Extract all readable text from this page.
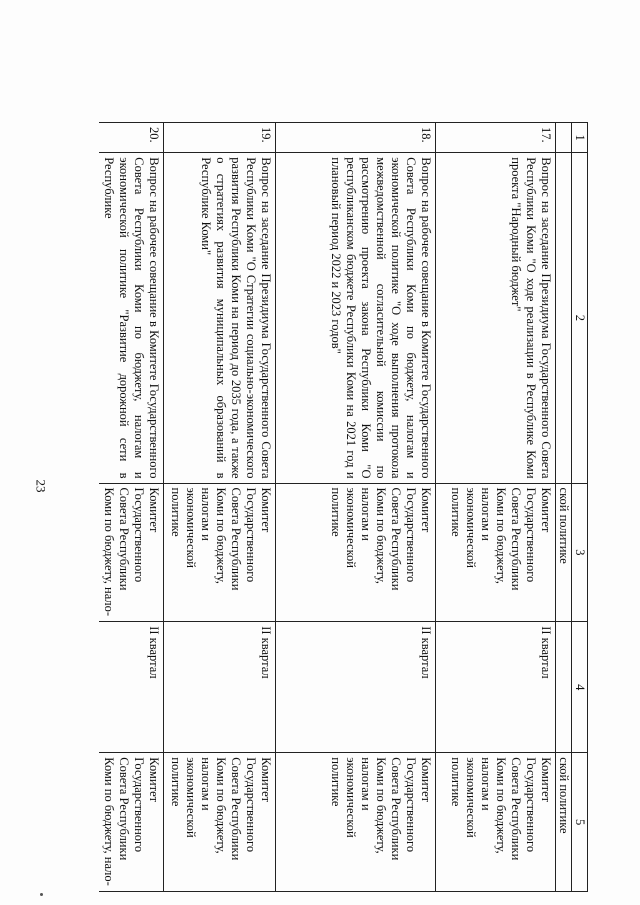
23
1	2	3	4	5
		ской политике		ской политике
17.	Вопрос на заседание Президиума Государственного Совета Республики Коми "О ходе реализации в Республике Коми проекта "Народный бюджет"	Комитет Государственного Совета Республики Коми по бюджету, налогам и экономической политике	II квартал	Комитет Государственного Совета Республики Коми по бюджету, налогам и экономической политике
18.	Вопрос на рабочее совещание в Комитете Государственного Совета Республики Коми по бюджету, налогам и экономической политике "О ходе выполнения протокола межведомственной согласительной комиссии по рассмотрению проекта закона Республики Коми "О республиканском бюджете Республики Коми на 2021 год и плановый период 2022 и 2023 годов"	Комитет Государственного Совета Республики Коми по бюджету, налогам и экономической политике	II квартал	Комитет Государственного Совета Республики Коми по бюджету, налогам и экономической политике
19.	Вопрос на заседание Президиума Государственного Совета Республики Коми "О Стратегии социально-экономического развития Республики Коми на период до 2035 года, а также о стратегиях развития муниципальных образований в Республике Коми"	Комитет Государственного Совета Республики Коми по бюджету, налогам и экономической политике	II квартал	Комитет Государственного Совета Республики Коми по бюджету, налогам и экономической политике
20.	Вопрос на рабочее совещание в Комитете Государственного Совета Республики Коми по бюджету, налогам и экономической политике "Развитие дорожной сети в Республике	Комитет Государственного Совета Республики Коми по бюджету, нало-	II квартал	Комитет Государственного Совета Республики Коми по бюджету, нало-
